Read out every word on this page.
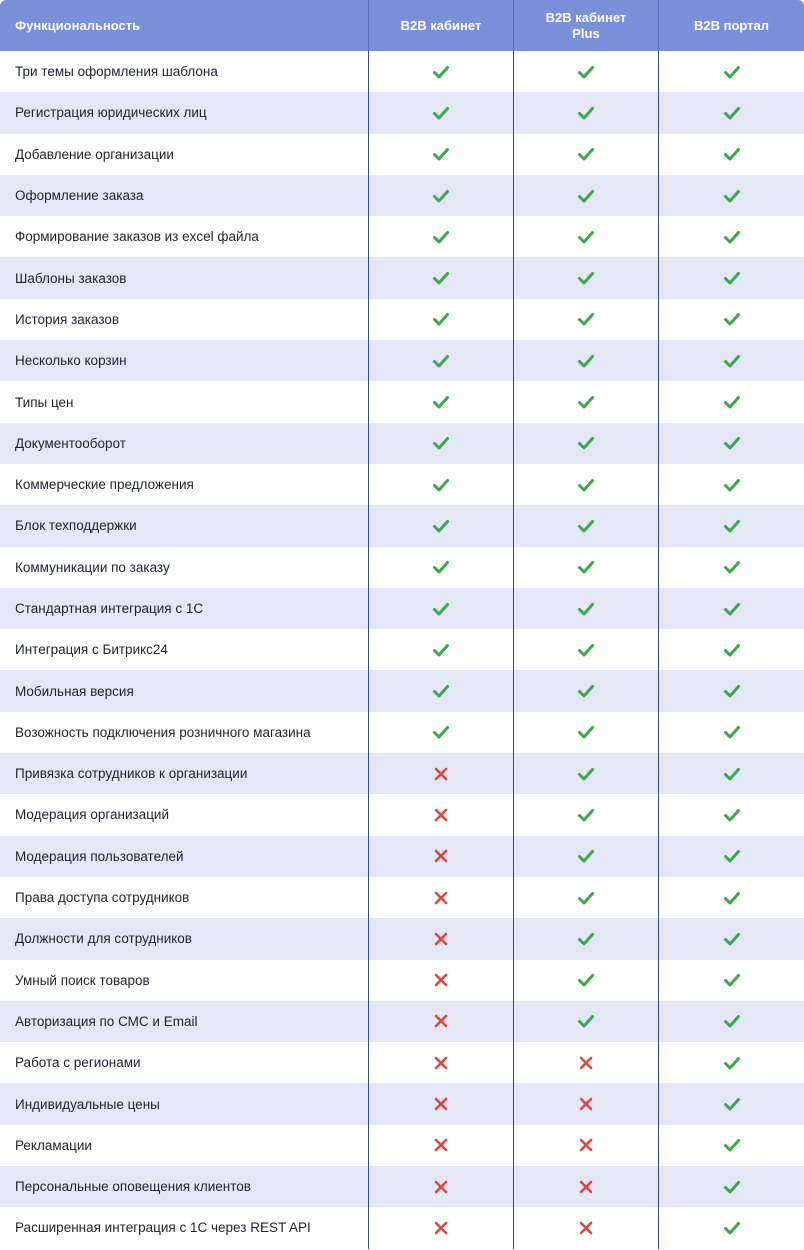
Функциональность	B2B кабинет
B2B кабинет
Plus	B2B портал
Три темы оформления шаблона
Регистрация юридических лиц
Добавление организации
Оформление заказа
Формирование заказов из excel файла
Шаблоны заказов
История заказов
Несколько корзин
Типы цен
Документооборот
Коммерческие предложения
Блок техподдержки
Коммуникации по заказу
Стандартная интеграция с 1С
Интеграция с Битрикс24
Мобильная версия
Возожность подключения розничного магазина
Привязка сотрудников к организации
Модерация организаций
Модерация пользователей
Права доступа сотрудников
Должности для сотрудников
Умный поиск товаров
Авторизация по СМС и Email
Работа с регионами
Индивидуальные цены
Рекламации
Персональные оповещения клиентов
Расширенная интеграция с 1С через REST API
